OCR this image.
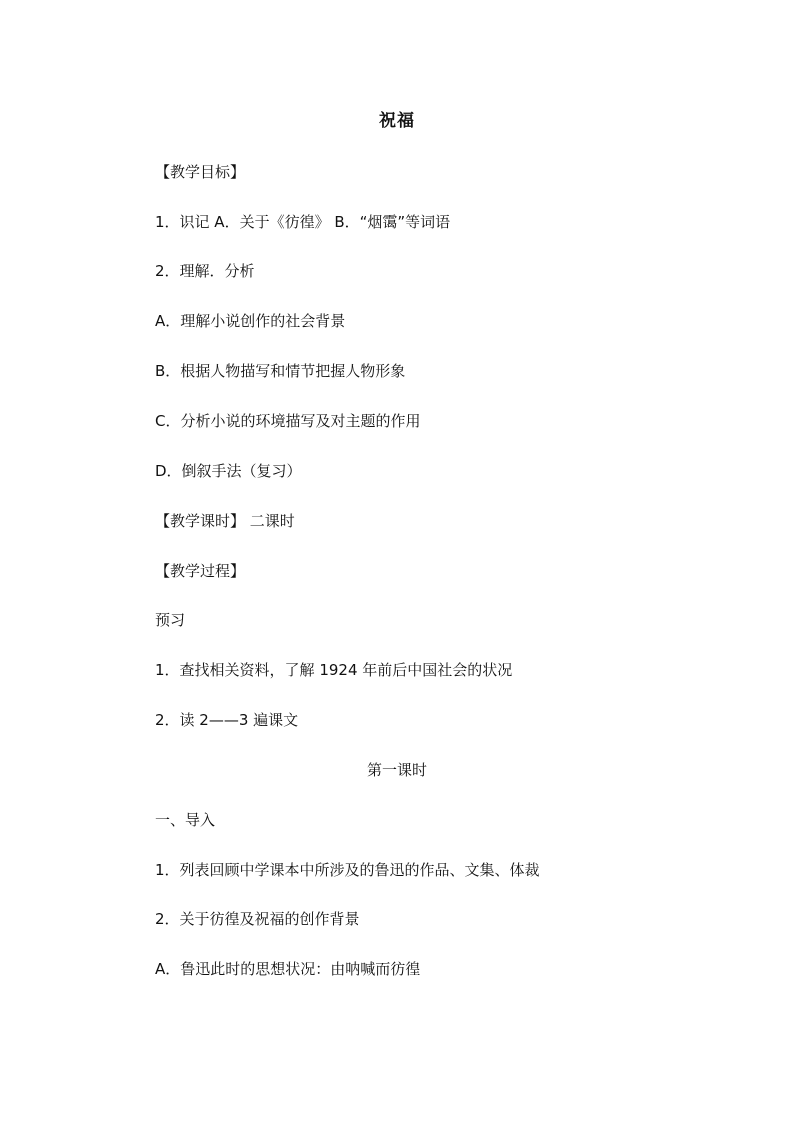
祝福
【教学目标】
1．识记 A．关于《彷徨》 B．“烟霭”等词语
2．理解．分析
A．理解小说创作的社会背景
B．根据人物描写和情节把握人物形象
C．分析小说的环境描写及对主题的作用
D．倒叙手法（复习）
【教学课时】 二课时
【教学过程】
预习
1．查找相关资料，了解 1924 年前后中国社会的状况
2．读 2——3 遍课文
第一课时
一、导入
1．列表回顾中学课本中所涉及的鲁迅的作品、文集、体裁
2．关于彷徨及祝福的创作背景
A．鲁迅此时的思想状况：由呐喊而彷徨
